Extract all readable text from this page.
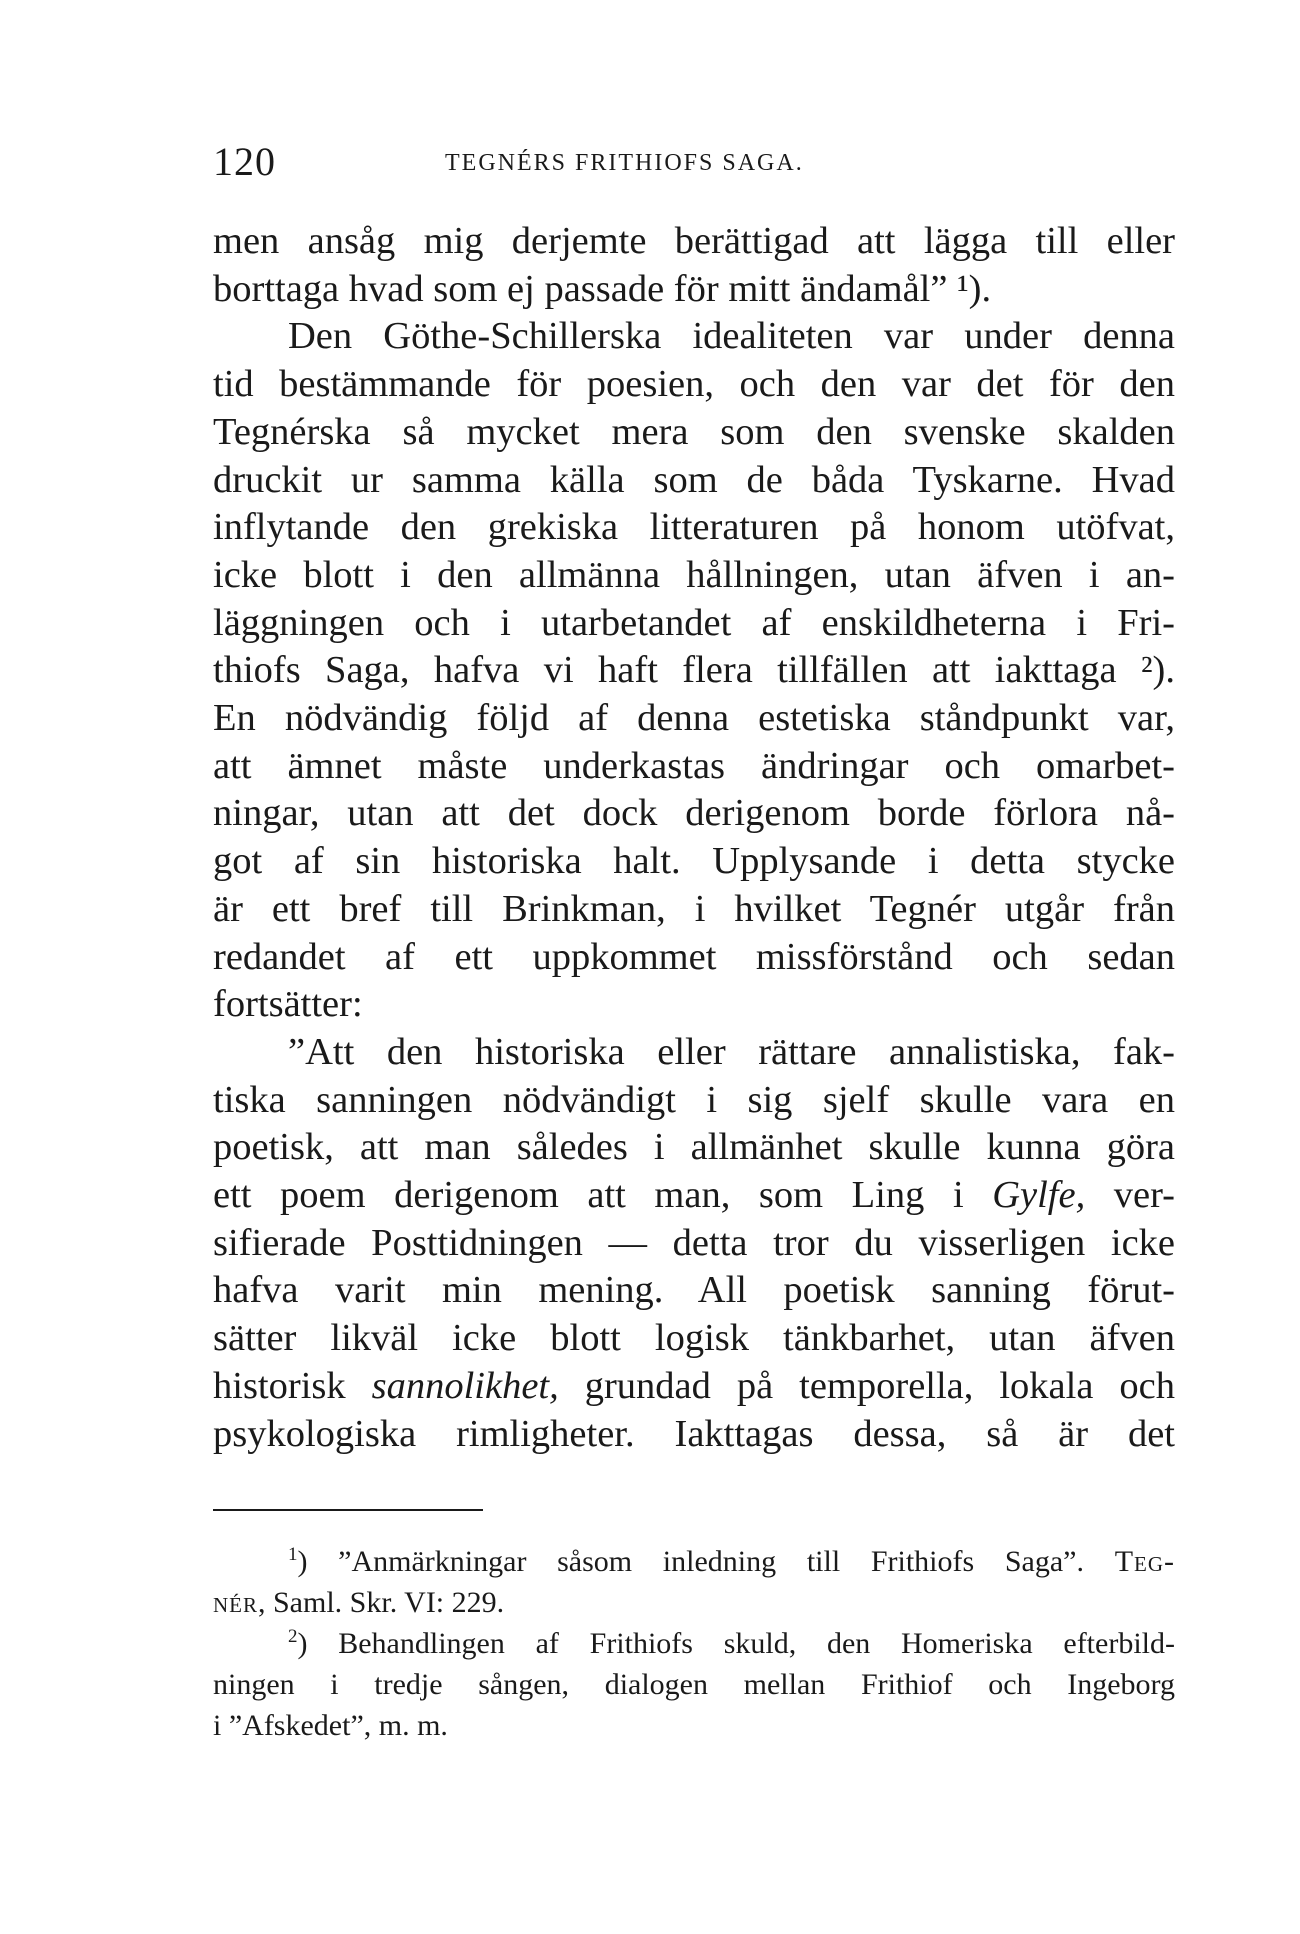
120	TEGNÉRS FRITHIOFS SAGA.
men ansåg mig derjemte berättigad att lägga till eller
borttaga hvad som ej passade för mitt ändamål” ¹).
Den Göthe-Schillerska idealiteten var under denna
tid bestämmande för poesien, och den var det för den
Tegnérska så mycket mera som den svenske skalden
druckit ur samma källa som de båda Tyskarne. Hvad
inflytande den grekiska litteraturen på honom utöfvat,
icke blott i den allmänna hållningen, utan äfven i an-
läggningen och i utarbetandet af enskildheterna i Fri-
thiofs Saga, hafva vi haft flera tillfällen att iakttaga ²).
En nödvändig följd af denna estetiska ståndpunkt var,
att ämnet måste underkastas ändringar och omarbet-
ningar, utan att det dock derigenom borde förlora nå-
got af sin historiska halt. Upplysande i detta stycke
är ett bref till Brinkman, i hvilket Tegnér utgår från
redandet af ett uppkommet missförstånd och sedan
fortsätter:
”Att den historiska eller rättare annalistiska, fak-
tiska sanningen nödvändigt i sig sjelf skulle vara en
poetisk, att man således i allmänhet skulle kunna göra
ett poem derigenom att man, som Ling i Gylfe, ver-
sifierade Posttidningen — detta tror du visserligen icke
hafva varit min mening. All poetisk sanning förut-
sätter likväl icke blott logisk tänkbarhet, utan äfven
historisk sannolikhet, grundad på temporella, lokala och
psykologiska rimligheter. Iakttagas dessa, så är det
$^1$) ”Anmärkningar såsom inledning till Frithiofs Saga”. Teg-
nér, Saml. Skr. VI: 229.
$^2$) Behandlingen af Frithiofs skuld, den Homeriska efterbild-
ningen i tredje sången, dialogen mellan Frithiof och Ingeborg
i ”Afskedet”, m. m.
